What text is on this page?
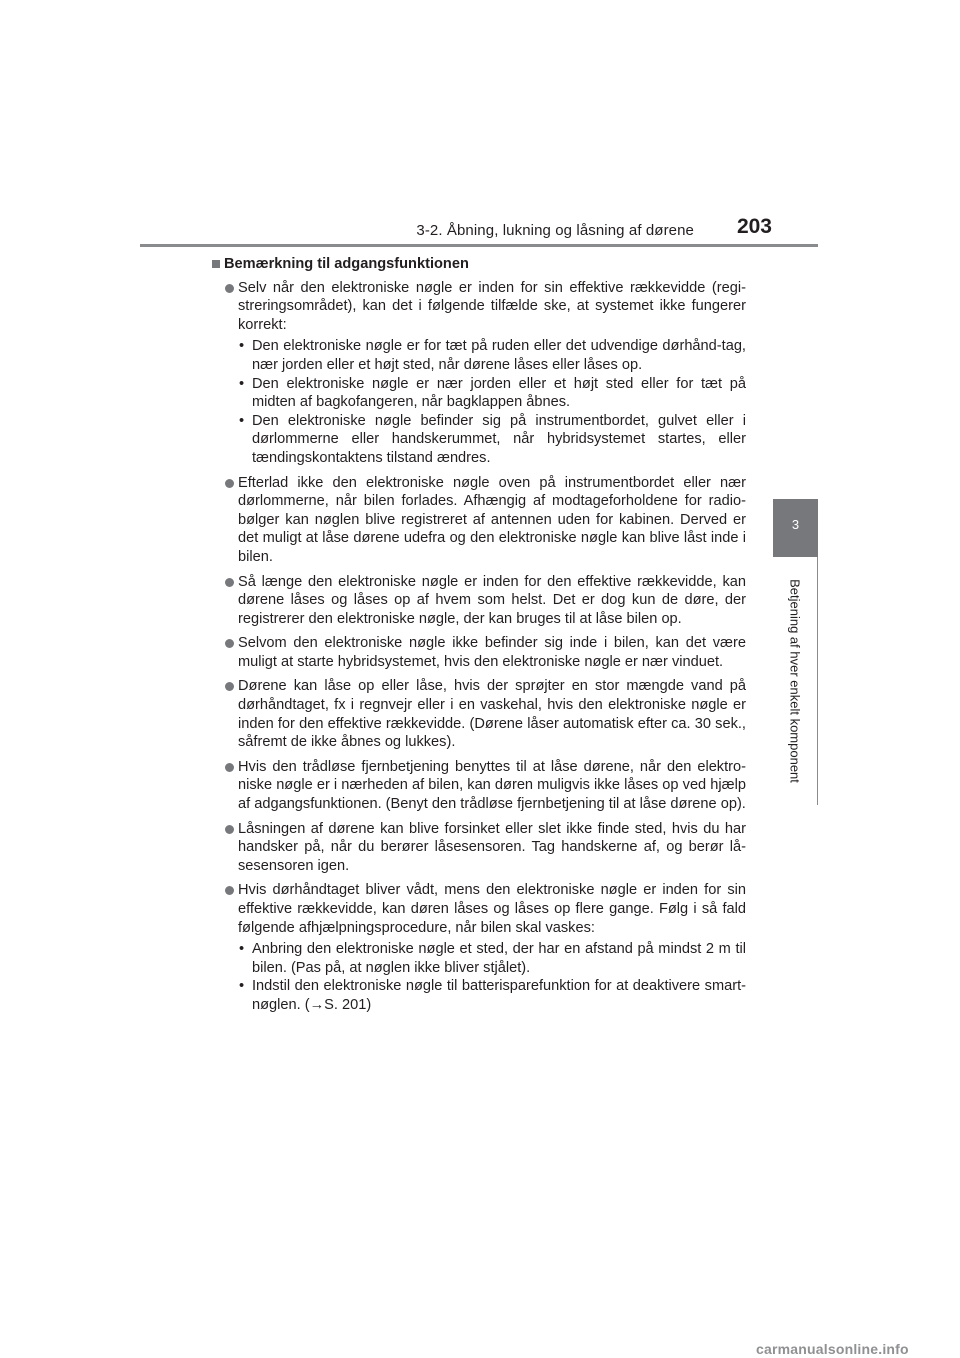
3-2. Åbning, lukning og låsning af dørene 203
3
Betjening af hver enkelt komponent
Bemærkning til adgangsfunktionen
Selv når den elektroniske nøgle er inden for sin effektive rækkevidde (regi-streringsområdet), kan det i følgende tilfælde ske, at systemet ikke fungerer korrekt:
• Den elektroniske nøgle er for tæt på ruden eller det udvendige dørhånd-tag, nær jorden eller et højt sted, når dørene låses eller låses op.
• Den elektroniske nøgle er nær jorden eller et højt sted eller for tæt på midten af bagkofangeren, når bagklappen åbnes.
• Den elektroniske nøgle befinder sig på instrumentbordet, gulvet eller i dørlommerne eller handskerummet, når hybridsystemet startes, eller tændingskontaktens tilstand ændres.
Efterlad ikke den elektroniske nøgle oven på instrumentbordet eller nær dørlommerne, når bilen forlades. Afhængig af modtageforholdene for radio-bølger kan nøglen blive registreret af antennen uden for kabinen. Derved er det muligt at låse dørene udefra og den elektroniske nøgle kan blive låst inde i bilen.
Så længe den elektroniske nøgle er inden for den effektive rækkevidde, kan dørene låses og låses op af hvem som helst. Det er dog kun de døre, der registrerer den elektroniske nøgle, der kan bruges til at låse bilen op.
Selvom den elektroniske nøgle ikke befinder sig inde i bilen, kan det være muligt at starte hybridsystemet, hvis den elektroniske nøgle er nær vinduet.
Dørene kan låse op eller låse, hvis der sprøjter en stor mængde vand på dørhåndtaget, fx i regnvejr eller i en vaskehal, hvis den elektroniske nøgle er inden for den effektive rækkevidde. (Dørene låser automatisk efter ca. 30 sek., såfremt de ikke åbnes og lukkes).
Hvis den trådløse fjernbetjening benyttes til at låse dørene, når den elektro-niske nøgle er i nærheden af bilen, kan døren muligvis ikke låses op ved hjælp af adgangsfunktionen. (Benyt den trådløse fjernbetjening til at låse dørene op).
Låsningen af dørene kan blive forsinket eller slet ikke finde sted, hvis du har handsker på, når du berører låsesensoren. Tag handskerne af, og berør lå-sesensoren igen.
Hvis dørhåndtaget bliver vådt, mens den elektroniske nøgle er inden for sin effektive rækkevidde, kan døren låses og låses op flere gange. Følg i så fald følgende afhjælpningsprocedure, når bilen skal vaskes:
• Anbring den elektroniske nøgle et sted, der har en afstand på mindst 2 m til bilen. (Pas på, at nøglen ikke bliver stjålet).
• Indstil den elektroniske nøgle til batterisparefunktion for at deaktivere smart-nøglen. (→S. 201)
carmanualsonline.info
